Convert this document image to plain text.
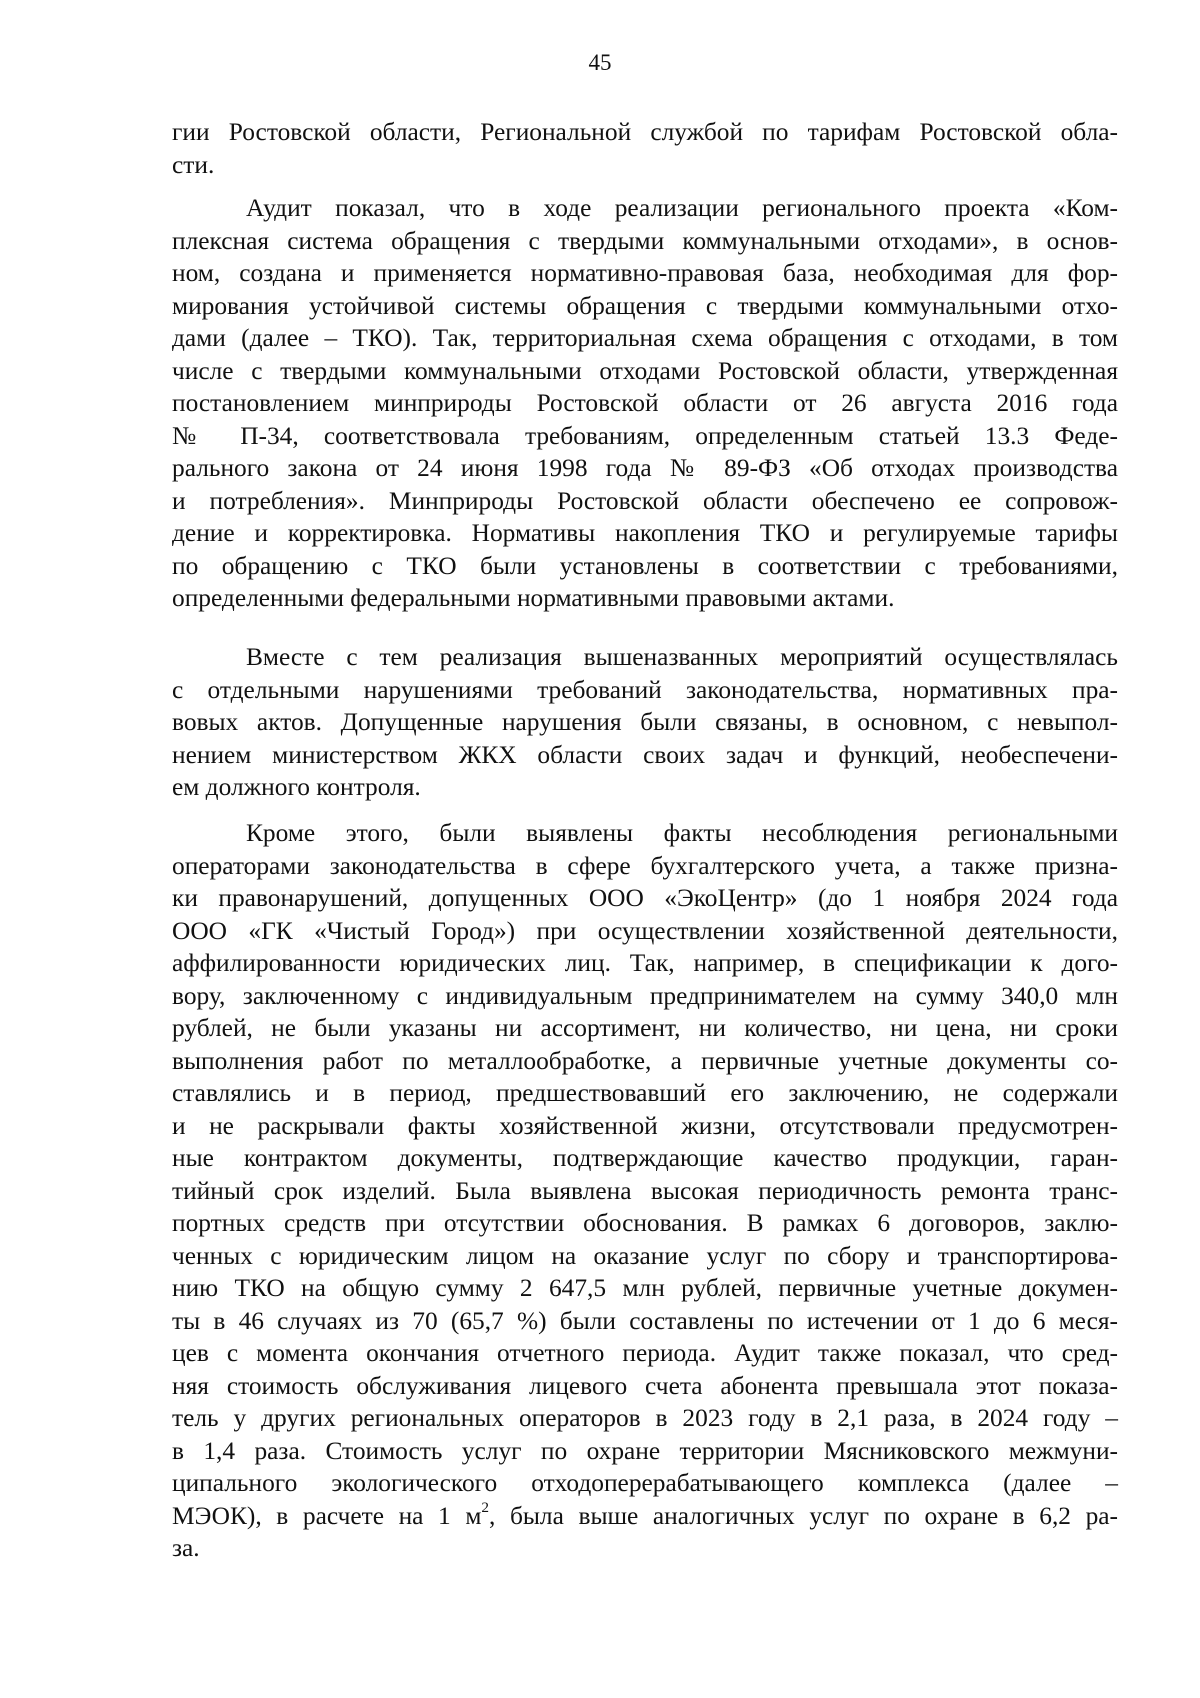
45

гии Ростовской области, Региональной службой по тарифам Ростовской обла-

сти.

Аудит показал, что в ходе реализации регионального проекта «Ком-

плексная система обращения с твердыми коммунальными отходами», в основ-

ном, создана и применяется нормативно-правовая база, необходимая для фор-

мирования устойчивой системы обращения с твердыми коммунальными отхо-

дами (далее – ТКО). Так, территориальная схема обращения с отходами, в том

числе с твердыми коммунальными отходами Ростовской области, утвержденная

постановлением минприроды Ростовской области от 26 августа 2016 года

№ П-34, соответствовала требованиям, определенным статьей 13.3 Феде-

рального закона от 24 июня 1998 года № 89-ФЗ «Об отходах производства

и потребления». Минприроды Ростовской области обеспечено ее сопровож-

дение и корректировка. Нормативы накопления ТКО и регулируемые тарифы

по обращению с ТКО были установлены в соответствии с требованиями,

определенными федеральными нормативными правовыми актами.

Вместе с тем реализация вышеназванных мероприятий осуществлялась

с отдельными нарушениями требований законодательства, нормативных пра-

вовых актов. Допущенные нарушения были связаны, в основном, с невыпол-

нением министерством ЖКХ области своих задач и функций, необеспечени-

ем должного контроля.

Кроме этого, были выявлены факты несоблюдения региональными

операторами законодательства в сфере бухгалтерского учета, а также призна-

ки правонарушений, допущенных ООО «ЭкоЦентр» (до 1 ноября 2024 года

ООО «ГК «Чистый Город») при осуществлении хозяйственной деятельности,

аффилированности юридических лиц. Так, например, в спецификации к дого-

вору, заключенному с индивидуальным предпринимателем на сумму 340,0 млн

рублей, не были указаны ни ассортимент, ни количество, ни цена, ни сроки

выполнения работ по металлообработке, а первичные учетные документы со-

ставлялись и в период, предшествовавший его заключению, не содержали

и не раскрывали факты хозяйственной жизни, отсутствовали предусмотрен-

ные контрактом документы, подтверждающие качество продукции, гаран-

тийный срок изделий. Была выявлена высокая периодичность ремонта транс-

портных средств при отсутствии обоснования. В рамках 6 договоров, заклю-

ченных с юридическим лицом на оказание услуг по сбору и транспортирова-

нию ТКО на общую сумму 2 647,5 млн рублей, первичные учетные докумен-

ты в 46 случаях из 70 (65,7 %) были составлены по истечении от 1 до 6 меся-

цев с момента окончания отчетного периода. Аудит также показал, что сред-

няя стоимость обслуживания лицевого счета абонента превышала этот показа-

тель у других региональных операторов в 2023 году в 2,1 раза, в 2024 году –

в 1,4 раза. Стоимость услуг по охране территории Мясниковского межмуни-

ципального экологического отходоперерабатывающего комплекса (далее –

МЭОК), в расчете на 1 $м^2$, была выше аналогичных услуг по охране в 6,2 ра-

за.
